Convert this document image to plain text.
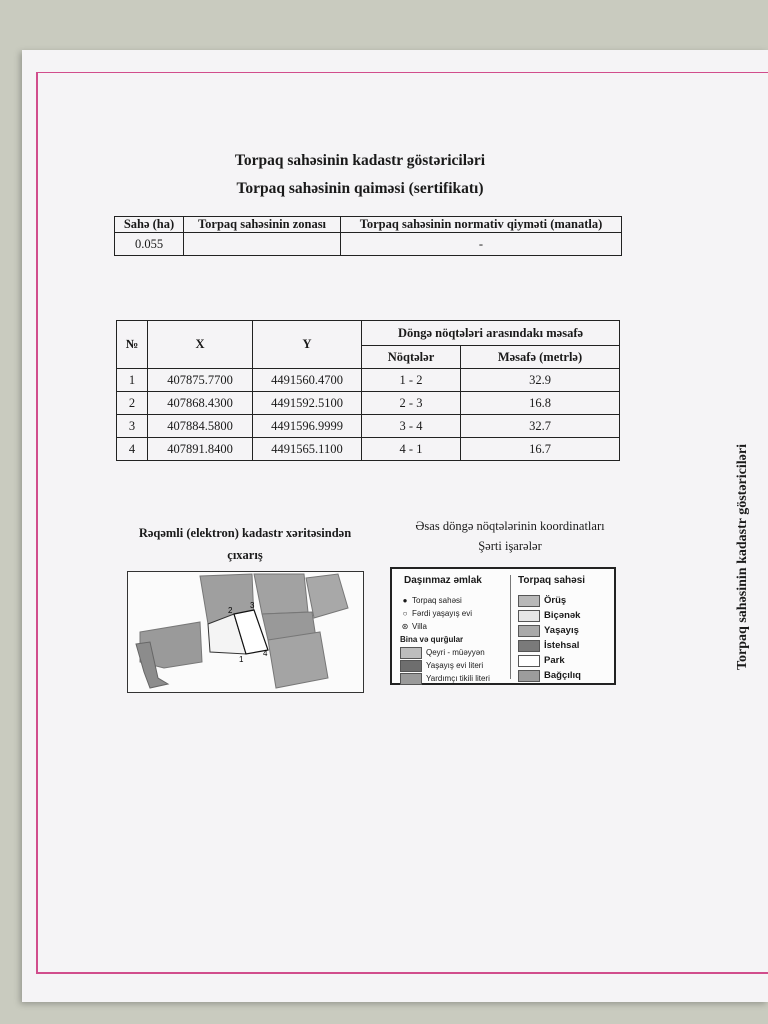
Torpaq sahəsinin kadastr göstəriciləri
Torpaq sahəsinin qaiməsi (sertifikatı)
Sahə (ha)	Torpaq sahəsinin zonası	Torpaq sahəsinin normativ qiyməti (manatla)
0.055		-
№	X	Y	Döngə nöqtələri arasındakı məsafə	
			Nöqtələr	Məsafə (metrlə)
1	407875.7700	4491560.4700	1 - 2	32.9
2	407868.4300	4491592.5100	2 - 3	16.8
3	407884.5800	4491596.9999	3 - 4	32.7
4	407891.8400	4491565.1100	4 - 1	16.7
Rəqəmli (elektron) kadastr xəritəsindən
çıxarış
Əsas döngə nöqtələrinin koordinatları
Şərti işarələr
2
3
1
4
Daşınmaz əmlak
● Torpaq sahəsi
○ Fərdi yaşayış evi
⊛ Villa
Bina və qurğular
Qeyri - müəyyən
Yaşayış evi literi
Yardımçı tikili literi
Torpaq sahəsi
Örüş
Biçənək
Yaşayış
İstehsal
Park
Bağçılıq
Torpaq sahəsinin kadastr göstəriciləri
